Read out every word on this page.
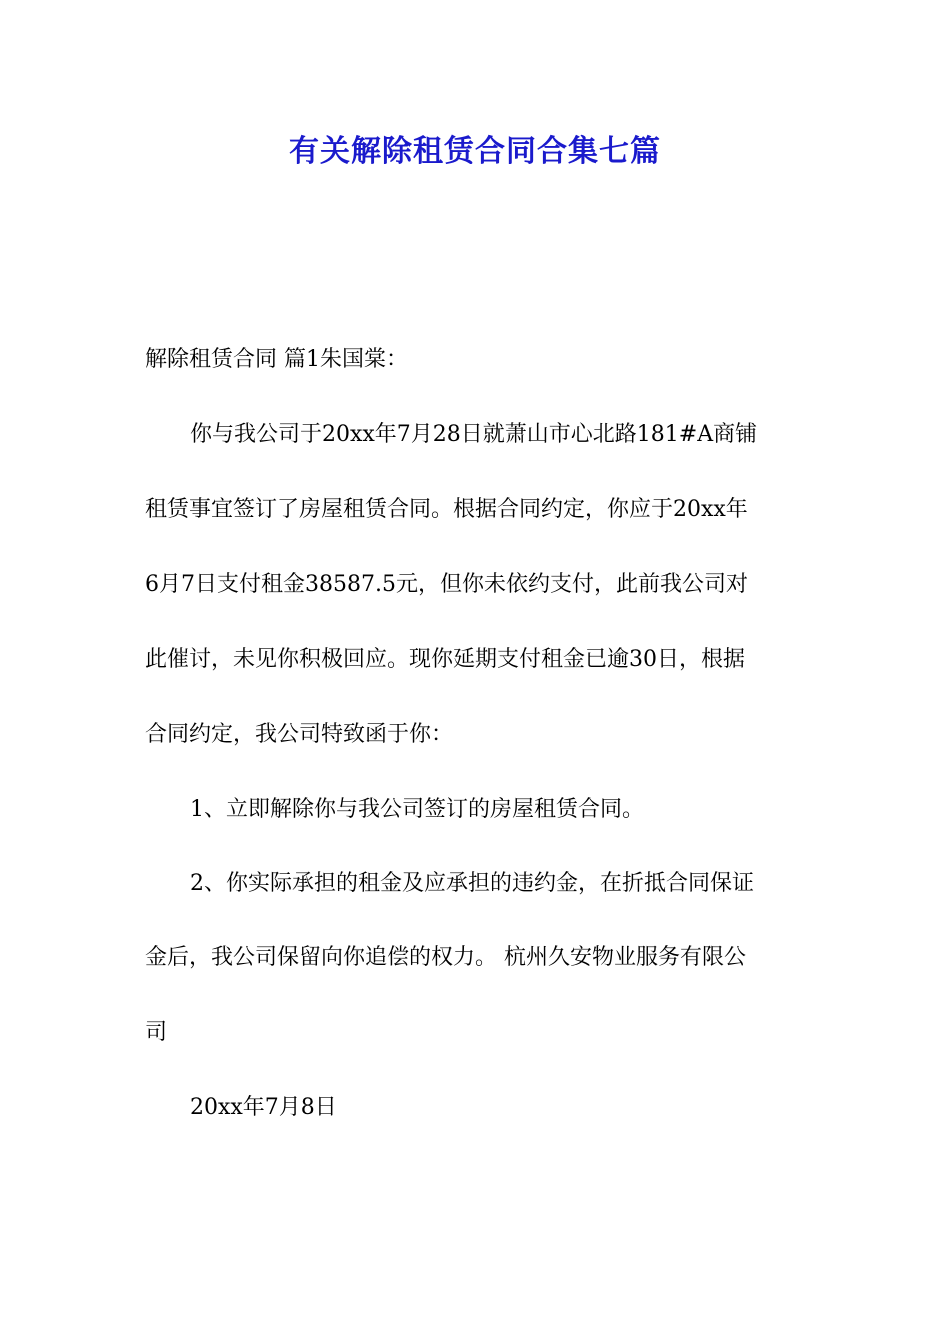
有关解除租赁合同合集七篇
解除租赁合同 篇1朱国棠：
你与我公司于20xx年7月28日就萧山市心北路181#A商铺
租赁事宜签订了房屋租赁合同。根据合同约定，你应于20xx年
6月7日支付租金38587.5元，但你未依约支付，此前我公司对
此催讨，未见你积极回应。现你延期支付租金已逾30日，根据
合同约定，我公司特致函于你：
1、立即解除你与我公司签订的房屋租赁合同。
2、你实际承担的租金及应承担的违约金，在折抵合同保证
金后，我公司保留向你追偿的权力。 杭州久安物业服务有限公
司
20xx年7月8日
